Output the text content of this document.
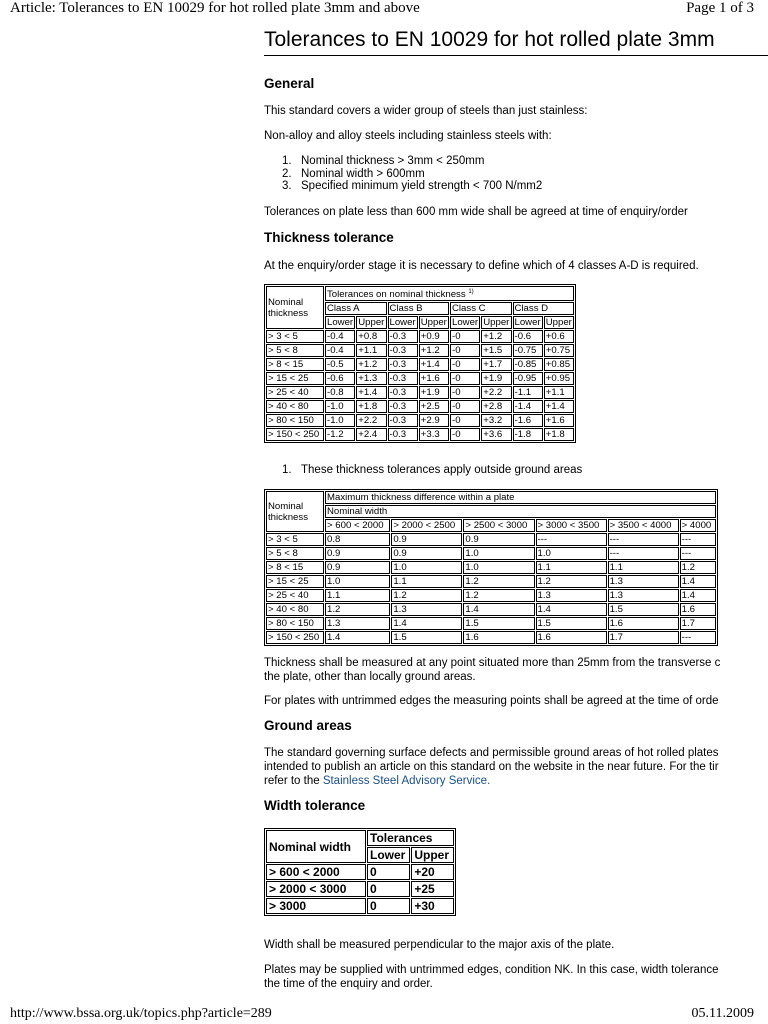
Article: Tolerances to EN 10029 for hot rolled plate 3mm and above	Page 1 of 3
Tolerances to EN 10029 for hot rolled plate 3mm
General

This standard covers a wider group of steels than just stainless:

Non-alloy and alloy steels including stainless steels with:

1. Nominal thickness > 3mm < 250mm
2. Nominal width > 600mm
3. Specified minimum yield strength < 700 N/mm2

Tolerances on plate less than 600 mm wide shall be agreed at time of enquiry/order

Thickness tolerance

At the enquiry/order stage it is necessary to define which of 4 classes A-D is required.

Nominal thickness	Tolerances on nominal thickness $^{1)}$
	Class A		Class B		Class C		Class D	
	Lower	Upper	Lower	Upper	Lower	Upper	Lower	Upper
> 3 < 5	-0.4	+0.8	-0.3	+0.9	-0	+1.2	-0.6	+0.6
> 5 < 8	-0.4	+1.1	-0.3	+1.2	-0	+1.5	-0.75	+0.75
> 8 < 15	-0.5	+1.2	-0.3	+1.4	-0	+1.7	-0.85	+0.85
> 15 < 25	-0.6	+1.3	-0.3	+1.6	-0	+1.9	-0.95	+0.95
> 25 < 40	-0.8	+1.4	-0.3	+1.9	-0	+2.2	-1.1	+1.1
> 40 < 80	-1.0	+1.8	-0.3	+2.5	-0	+2.8	-1.4	+1.4
> 80 < 150	-1.0	+2.2	-0.3	+2.9	-0	+3.2	-1.6	+1.6
> 150 < 250	-1.2	+2.4	-0.3	+3.3	-0	+3.6	-1.8	+1.8
1. These thickness tolerances apply outside ground areas
Nominal thickness	Maximum thickness difference within a plate					
	Nominal width					
	> 600 < 2000	> 2000 < 2500	> 2500 < 3000	> 3000 < 3500	> 3500 < 4000	> 4000
> 3 < 5	0.8	0.9	0.9	---	---	---
> 5 < 8	0.9	0.9	1.0	1.0	---	---
> 8 < 15	0.9	1.0	1.0	1.1	1.1	1.2
> 15 < 25	1.0	1.1	1.2	1.2	1.3	1.4
> 25 < 40	1.1	1.2	1.2	1.3	1.3	1.4
> 40 < 80	1.2	1.3	1.4	1.4	1.5	1.6
> 80 < 150	1.3	1.4	1.5	1.5	1.6	1.7
> 150 < 250	1.4	1.5	1.6	1.6	1.7	---

Thickness shall be measured at any point situated more than 25mm from the transverse c
the plate, other than locally ground areas.

For plates with untrimmed edges the measuring points shall be agreed at the time of orde

Ground areas

The standard governing surface defects and permissible ground areas of hot rolled plates
intended to publish an article on this standard on the website in the near future. For the tir
refer to the Stainless Steel Advisory Service.

Width tolerance
Nominal width	Tolerances	
	Lower	Upper
> 600 < 2000	0	+20
> 2000 < 3000	0	+25
> 3000	0	+30

Width shall be measured perpendicular to the major axis of the plate.

Plates may be supplied with untrimmed edges, condition NK. In this case, width tolerance
the time of the enquiry and order.

http://www.bssa.org.uk/topics.php?article=289	05.11.2009
